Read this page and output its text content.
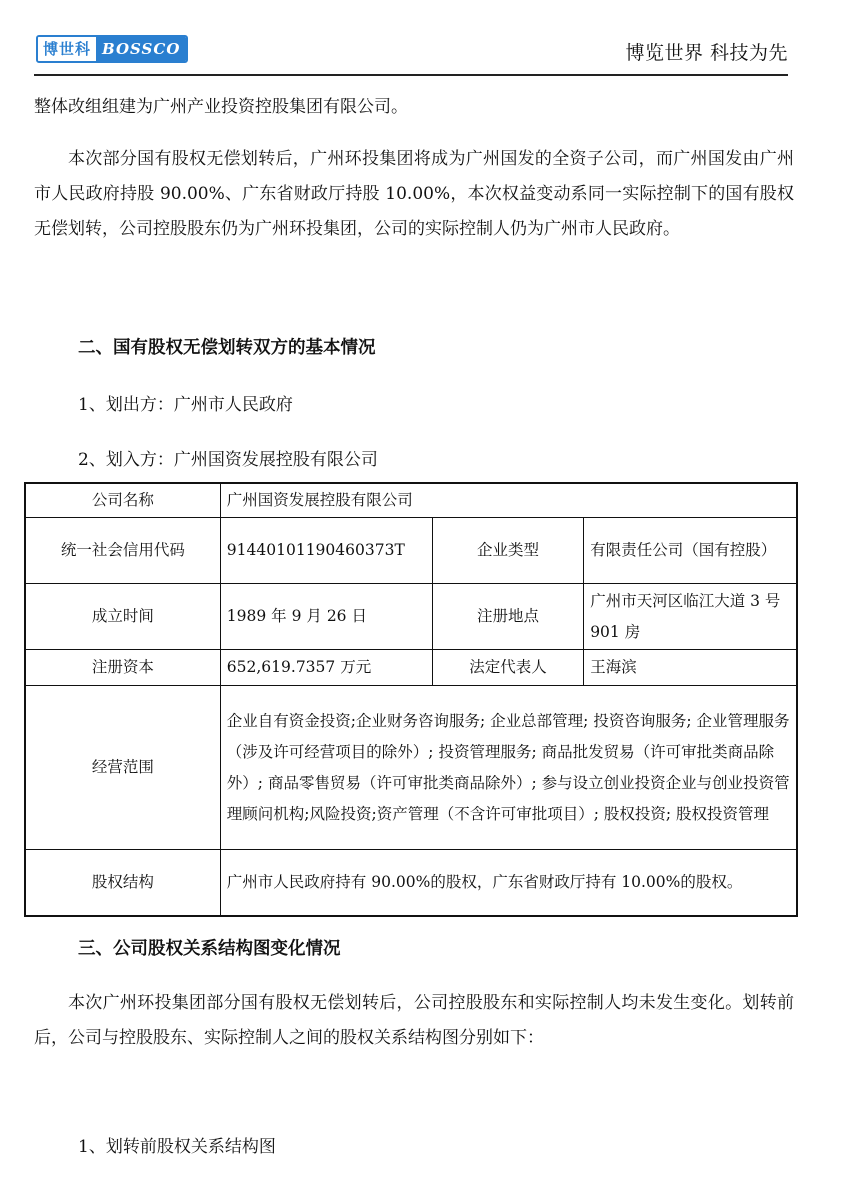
博世科 BOSSCO	博览世界 科技为先

整体改组组建为广州产业投资控股集团有限公司。

本次部分国有股权无偿划转后，广州环投集团将成为广州国发的全资子公司，而广州国发由广州市人民政府持股 90.00%、广东省财政厅持股 10.00%，本次权益变动系同一实际控制下的国有股权无偿划转，公司控股股东仍为广州环投集团，公司的实际控制人仍为广州市人民政府。

二、国有股权无偿划转双方的基本情况

1、划出方：广州市人民政府

2、划入方：广州国资发展控股有限公司

公司名称	广州国资发展控股有限公司		
统一社会信用代码	91440101190460373T	企业类型	有限责任公司（国有控股）
成立时间	1989 年 9 月 26 日	注册地点	广州市天河区临江大道 3 号 901 房
注册资本	652,619.7357 万元	法定代表人	王海滨
经营范围	企业自有资金投资;企业财务咨询服务; 企业总部管理; 投资咨询服务; 企业管理服务（涉及许可经营项目的除外）; 投资管理服务; 商品批发贸易（许可审批类商品除外）; 商品零售贸易（许可审批类商品除外）; 参与设立创业投资企业与创业投资管理顾问机构;风险投资;资产管理（不含许可审批项目）; 股权投资; 股权投资管理		
股权结构	广州市人民政府持有 90.00%的股权，广东省财政厅持有 10.00%的股权。		

三、公司股权关系结构图变化情况

本次广州环投集团部分国有股权无偿划转后，公司控股股东和实际控制人均未发生变化。划转前后，公司与控股股东、实际控制人之间的股权关系结构图分别如下：

1、划转前股权关系结构图
